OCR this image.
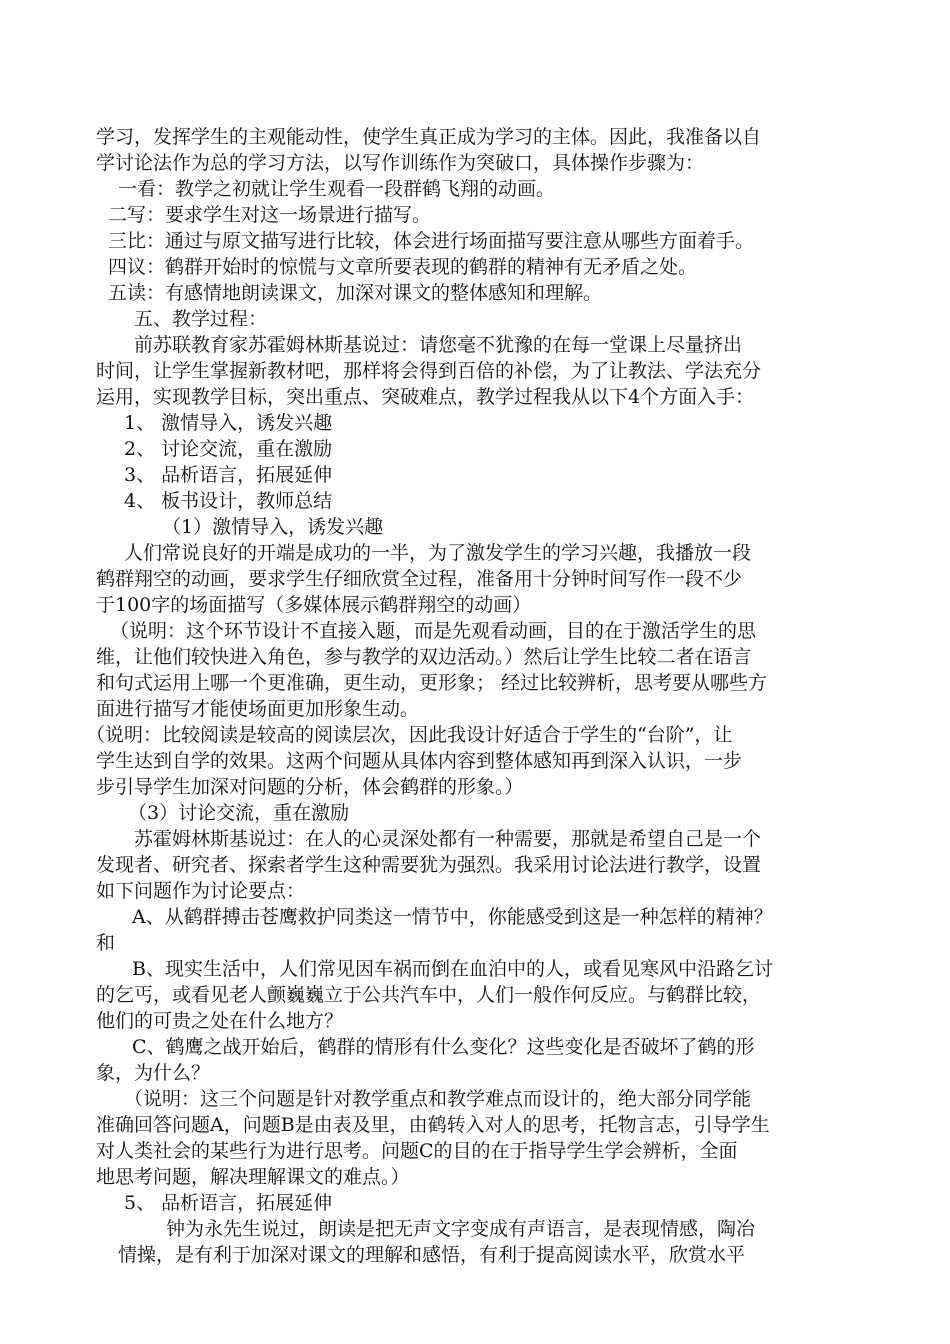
学习，发挥学生的主观能动性，使学生真正成为学习的主体。因此，我准备以自
学讨论法作为总的学习方法，以写作训练作为突破口，具体操作步骤为：
一看：教学之初就让学生观看一段群鹤飞翔的动画。
二写：要求学生对这一场景进行描写。
三比：通过与原文描写进行比较，体会进行场面描写要注意从哪些方面着手。
四议：鹤群开始时的惊慌与文章所要表现的鹤群的精神有无矛盾之处。
五读：有感情地朗读课文，加深对课文的整体感知和理解。
五、教学过程：
前苏联教育家苏霍姆林斯基说过：请您毫不犹豫的在每一堂课上尽量挤出
时间，让学生掌握新教材吧，那样将会得到百倍的补偿，为了让教法、学法充分
运用，实现教学目标，突出重点、突破难点，教学过程我从以下4个方面入手：
1、 激情导入，诱发兴趣
2、 讨论交流，重在激励
3、 品析语言，拓展延伸
4、 板书设计，教师总结
（1）激情导入，诱发兴趣
人们常说良好的开端是成功的一半，为了激发学生的学习兴趣，我播放一段
鹤群翔空的动画，要求学生仔细欣赏全过程，准备用十分钟时间写作一段不少
于100字的场面描写（多媒体展示鹤群翔空的动画）
（说明：这个环节设计不直接入题，而是先观看动画，目的在于激活学生的思
维，让他们较快进入角色，参与教学的双边活动。）然后让学生比较二者在语言
和句式运用上哪一个更准确，更生动，更形象； 经过比较辨析，思考要从哪些方
面进行描写才能使场面更加形象生动。
（说明：比较阅读是较高的阅读层次，因此我设计好适合于学生的“台阶”，让
学生达到自学的效果。这两个问题从具体内容到整体感知再到深入认识，一步
步引导学生加深对问题的分析，体会鹤群的形象。）
（3）讨论交流，重在激励
苏霍姆林斯基说过：在人的心灵深处都有一种需要，那就是希望自己是一个
发现者、研究者、探索者学生这种需要犹为强烈。我采用讨论法进行教学，设置
如下问题作为讨论要点：
A、从鹤群搏击苍鹰救护同类这一情节中，你能感受到这是一种怎样的精神？
和
B、现实生活中，人们常见因车祸而倒在血泊中的人，或看见寒风中沿路乞讨
的乞丐，或看见老人颤巍巍立于公共汽车中，人们一般作何反应。与鹤群比较，
他们的可贵之处在什么地方？
C、鹤鹰之战开始后，鹤群的情形有什么变化？这些变化是否破坏了鹤的形
象，为什么？
（说明：这三个问题是针对教学重点和教学难点而设计的，绝大部分同学能
准确回答问题A，问题B是由表及里，由鹤转入对人的思考，托物言志，引导学生
对人类社会的某些行为进行思考。问题C的目的在于指导学生学会辨析，全面
地思考问题，解决理解课文的难点。）
5、 品析语言，拓展延伸
钟为永先生说过，朗读是把无声文字变成有声语言，是表现情感，陶冶
情操，是有利于加深对课文的理解和感悟，有利于提高阅读水平，欣赏水平
